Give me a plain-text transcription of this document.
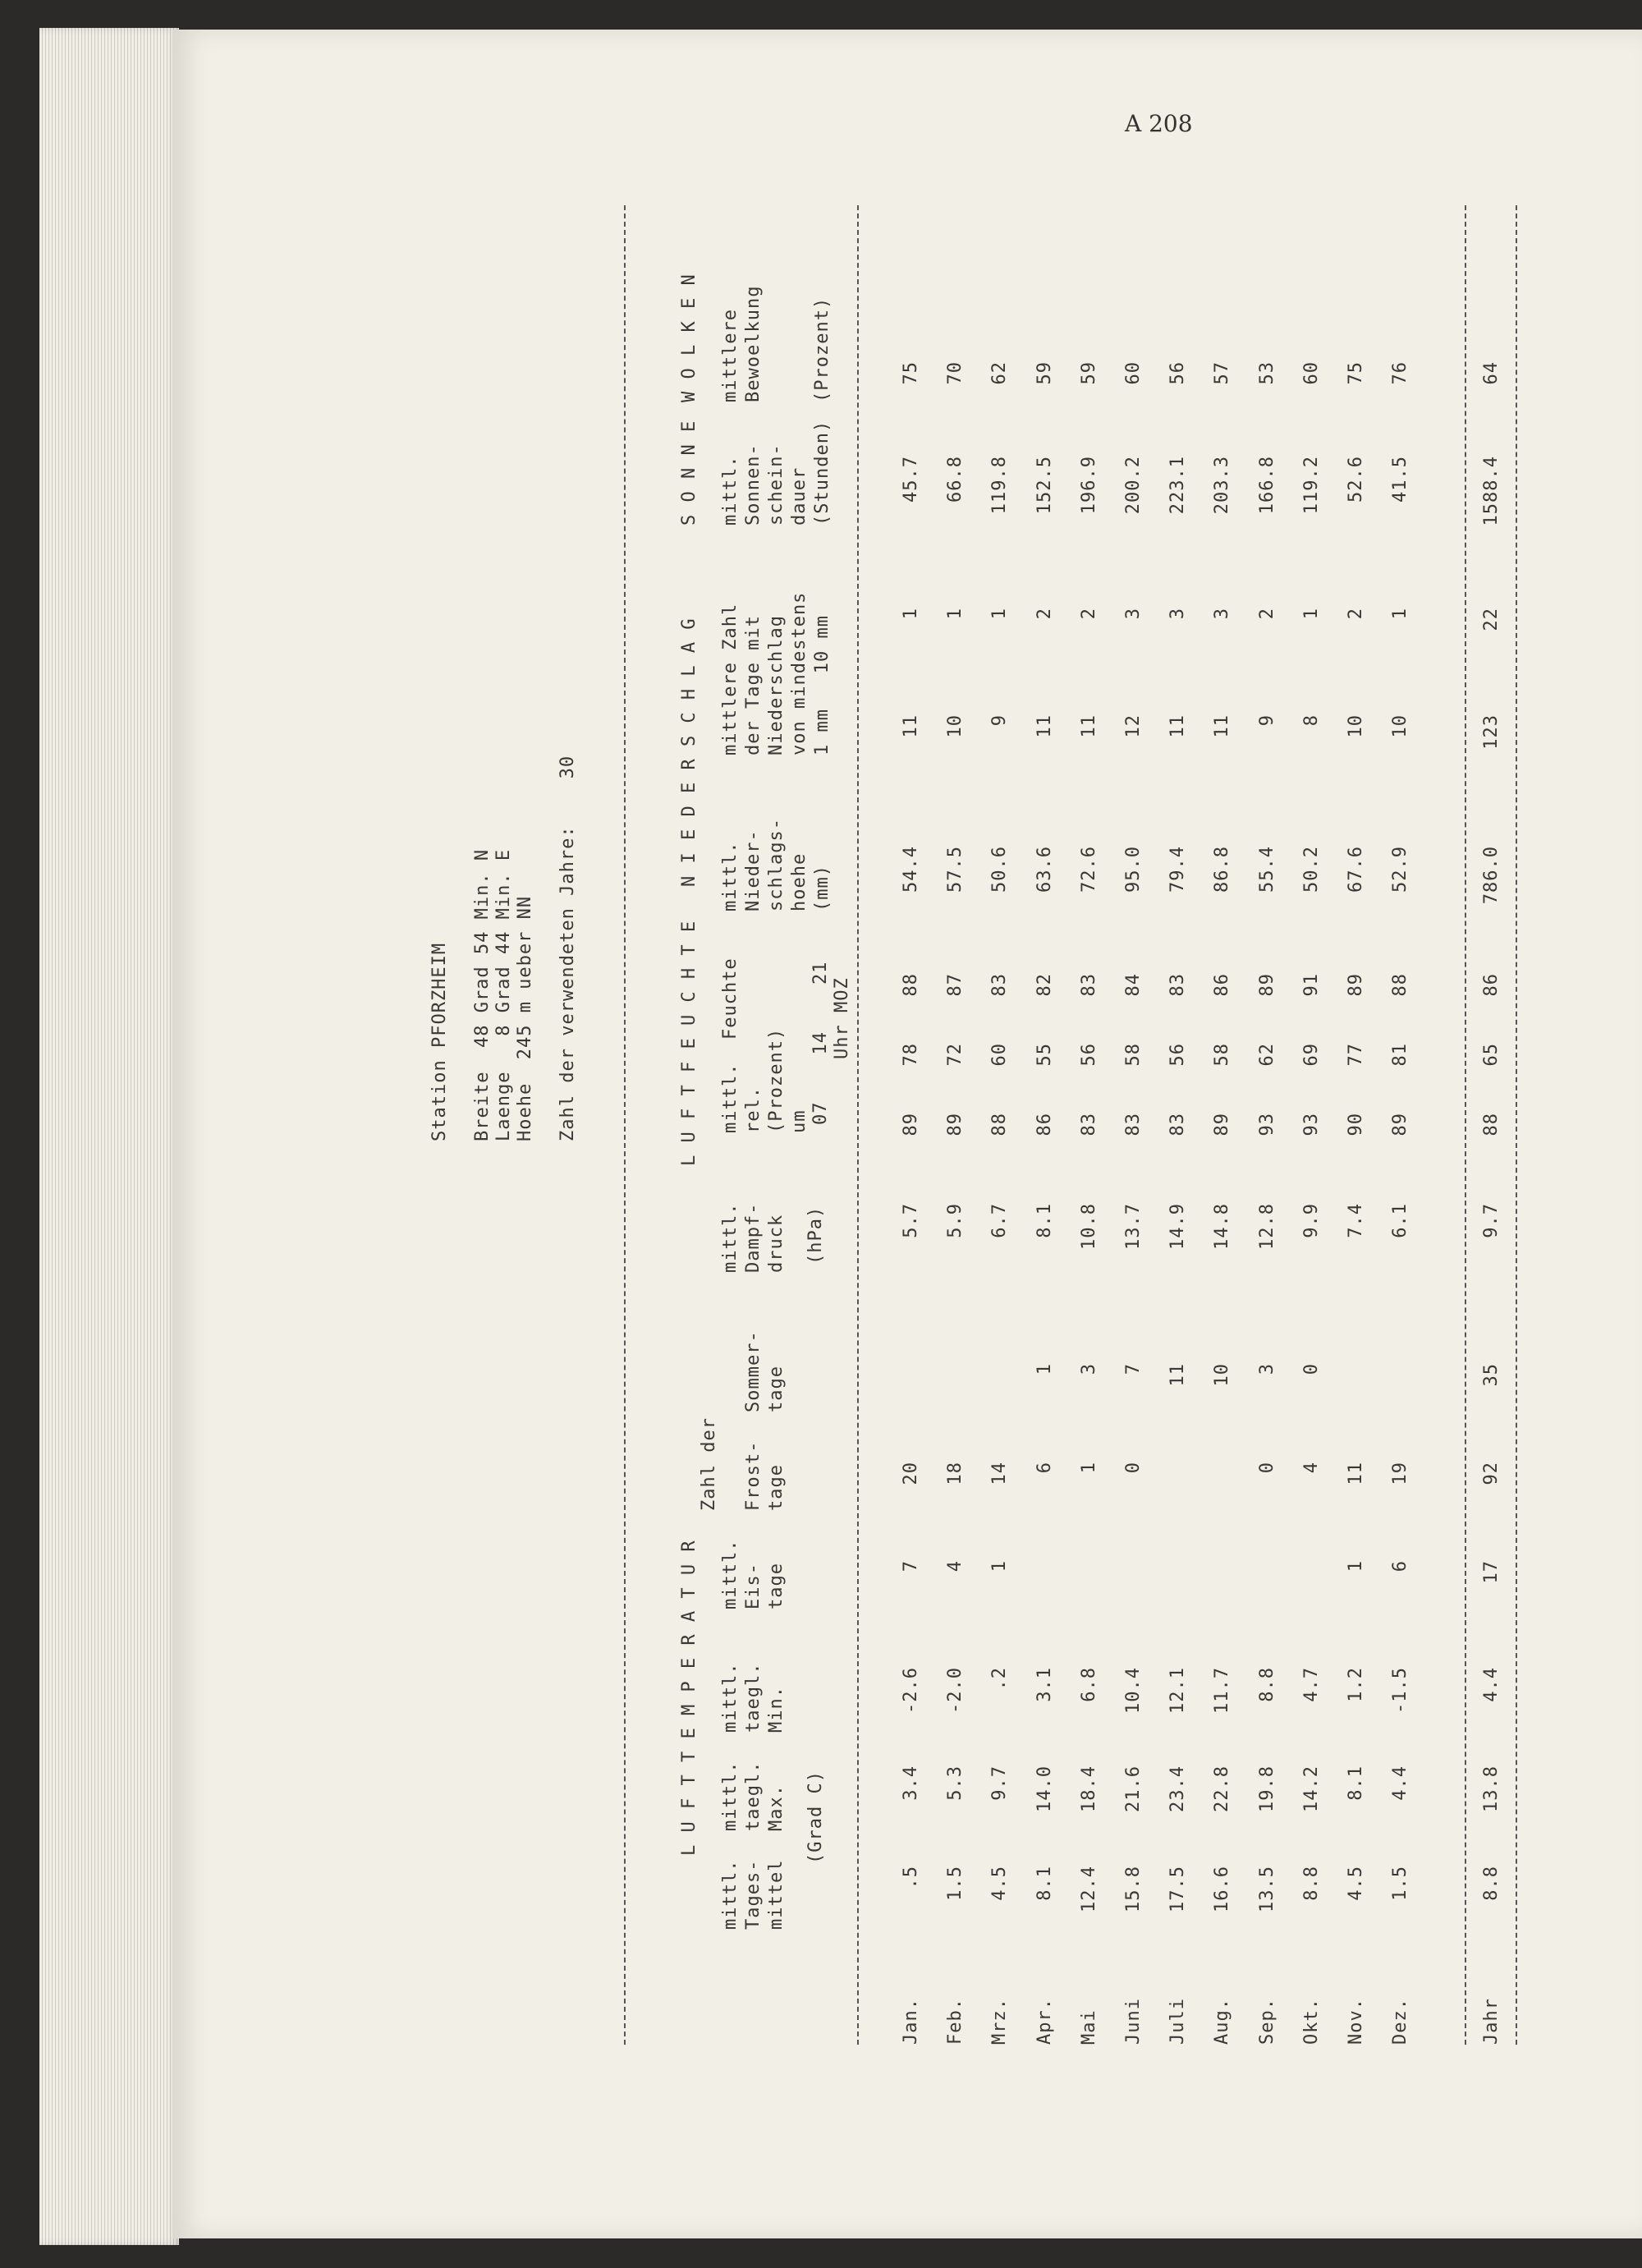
A 208
Station PFORZHEIM Breite  48 Grad 54 Min. N Laenge   8 Grad 44 Min. E Hoehe  245 m ueber NN Zahl der verwendeten Jahre:    30
L U F T T E M P E R A T U R
L U F T F E U C H T E
N I E D E R S C H L A G
S O N N E
W O L K E N
mittl.
Tages-
mittel
mittl.
taegl.
Max.
mittl.
taegl.
Min.
(Grad C)
Zahl der
mittl.
Eis-
tage
Frost-
tage
Sommer-
tage
mittl.
Dampf-
druck (hPa)
mittl.  Feuchte
rel.
(Prozent)
um 07    14    21 Uhr MOZ
mittl.
Nieder-
schlags-
hoehe
(mm)
mittlere Zahl
der Tage mit
Niederschlag
von mindestens
1 mm   10 mm
mittl.
Sonnen-
schein-
dauer
(Stunden)
mittlere
Bewoelkung

(Prozent)
Jan.
.5
3.4
-2.6
7
20
5.7
89
78
88
54.4
11
1
45.7
75
Feb.
1.5
5.3
-2.0
4
18
5.9
89
72
87
57.5
10
1
66.8
70
Mrz.
4.5
9.7
.2
1
14
6.7
88
60
83
50.6
9
1
119.8
62
Apr.
8.1
14.0
3.1
6
1
8.1
86
55
82
63.6
11
2
152.5
59
Mai
12.4
18.4
6.8
1
3
10.8
83
56
83
72.6
11
2
196.9
59
Juni
15.8
21.6
10.4
0
7
13.7
83
58
84
95.0
12
3
200.2
60
Juli
17.5
23.4
12.1
11
14.9
83
56
83
79.4
11
3
223.1
56
Aug.
16.6
22.8
11.7
10
14.8
89
58
86
86.8
11
3
203.3
57
Sep.
13.5
19.8
8.8
0
3
12.8
93
62
89
55.4
9
2
166.8
53
Okt.
8.8
14.2
4.7
4
0
9.9
93
69
91
50.2
8
1
119.2
60
Nov.
4.5
8.1
1.2
1
11
7.4
90
77
89
67.6
10
2
52.6
75
Dez.
1.5
4.4
-1.5
6
19
6.1
89
81
88
52.9
10
1
41.5
76
Jahr
8.8
13.8
4.4
17
92
35
9.7
88
65
86
786.0
123
22
1588.4
64
